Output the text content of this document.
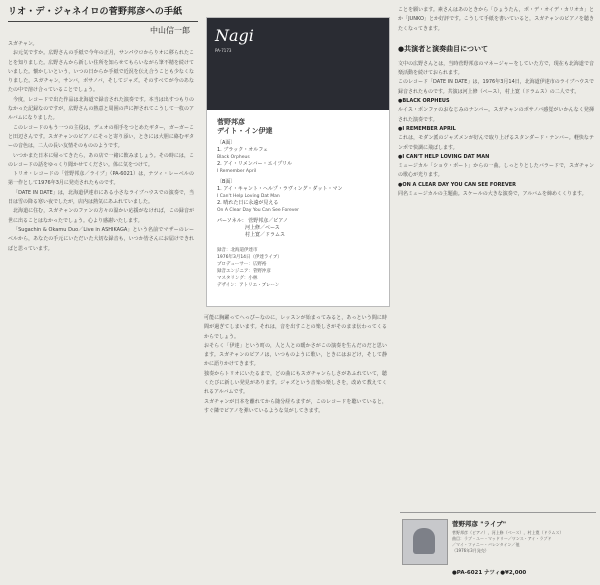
リオ・デ・ジャネイロの菅野邦彦への手紙
中山信一郎

スガチャン。

お元気ですか。広野さんの手紙で今年の正月，サンパウロからりオに移られたことを知りました。広野さんから新しい住所を知らせてもらいながら筆不精を続けていました。懐かしいという，いつの日からか手紙で近況を伝え合うことも少なくなりました。スガチャン，サンバ，ボサノバ，そしてジャズ。そのすべてが今のあなたの中で溶け合っていることでしょう。

今度，レコードで出た作品は北海道で録音された演奏です。本当は出すつもりのなかった記録なのですが，広野さんの熱意と周囲の声に押されてこうして一枚のアルバムになりました。

このレコードのもう一つの主役は，デュオの相手をつとめたギター，ガーガーこと田辺さんです。スガチャンのピアノにそっと寄り添い，ときには大胆に絡むギターの音色は，二人の長い友情そのもののようです。

いつかまた日本に帰ってきたら，あの店で一緒に飲みましょう。その時には，このレコードの話をゆっくり聞かせてください。体に気をつけて。

トリオ・レコードの「菅野邦彦／ライブ」（PA-6021）は，ナツィ・レーベルの第一作として1976年3月に発売されたものです。

「DATE IN DATE」は，北海道伊達市にある小さなライブハウスでの演奏で，当日は雪の降る寒い夜でしたが，店内は熱気にあふれていました。

北海道に住む，スガチャンのファンの方々の温かい応援がなければ，この録音が世に出ることはなかったでしょう。心より感謝いたします。

「Sugachin & Okamu Duo／Live in ASHIKAGA」という名前でマザーのレーベルから，あなたの手元にいただいた大切な録音も，いつか皆さんにお届けできればと思っています。

Nagi
PA-7173
菅野邦彦
デイト・イン伊達
〔A面〕
1. ブラック・オルフェ
Black Orpheus
2. アイ・リメンバー・エイプリル
I Remember April
〔B面〕
1. アイ・キャント・ヘルプ・ラヴィング・ダット・マン
I Can't Help Loving Dat Man
2. 晴れた日に永遠が見える
On A Clear Day You Can See Forever
パーソネル： 菅野邦彦／ピアノ
河上修／ベース
村上寛／ドラムス
録音：北海道伊達市
1976年3月14日（伊達ライブ）
プロデューサー：広野裕
録音エンジニア：菅野沖彦
マスタリング：小林
デザイン：アトリエ・ブレーン

可能に胸躍ってへっぴーなのに，レッスンが始まってみると，あっという間に時間が過ぎてしまいます。それは，音を出すことの楽しさがそのまま伝わってくるからでしょう。

おそらく「伊達」という町の，人と人との暖かさがこの演奏を生んだのだと思います。スガチャンのピアノは，いつものように歌い，ときにはおどけ，そして静かに語りかけてきます。

独奏からトリオにいたるまで，どの曲にもスガチャンらしさがあふれていて，聴くたびに新しい発見があります。ジャズという音楽の楽しさを，改めて教えてくれるアルバムです。

スガチャンが日本を離れてから随分経ちますが，このレコードを聴いていると，すぐ隣でピアノを弾いているような気がしてきます。

ことを願います。素さんはあのときから「ひょうたん，ボ・デ・オイデ・カリオカ」とか「JUNKO」とか好評です。こうして手紙を書いていると，スガチャンのピアノを聴きたくなってきます。
●共演者と演奏曲目について

文中の広野さんとは，当時菅野邦彦のマネージャーをしていた方で，現在も北海道で音楽活動を続けておられます。

このレコード「DATE IN DATE」は，1976年3月14日，北海道伊達市のライブハウスで録音されたものです。共演は河上修（ベース），村上寛（ドラムス）の二人です。

●BLACK ORPHEUS

ルイス・ボンファのおなじみのナンバー。スガチャンのボサノバ感覚がいかんなく発揮された演奏です。

●I REMEMBER APRIL

これは，モダン派のジャズメンが好んで取り上げるスタンダード・ナンバー。軽快なテンポで快調に飛ばします。

●I CAN'T HELP LOVING DAT MAN

ミュージカル「ショウ・ボート」からの一曲。しっとりとしたバラードで，スガチャンの歌心が光ります。

●ON A CLEAR DAY YOU CAN SEE FOREVER

同名ミュージカルの主題曲。スケールの大きな演奏で，アルバムを締めくくります。

菅野邦彦 "ライブ"
菅野邦彦（ピアノ），河上修（ベース），村上寛（ドラムス）
曲目：ラブ・ユー・マッドリー／ワンス・アイ・ラブド
／マイ・ファニー・バレンタイン／他
（1976年3月発売）
●PA-6021 ナツィ●¥2,000
